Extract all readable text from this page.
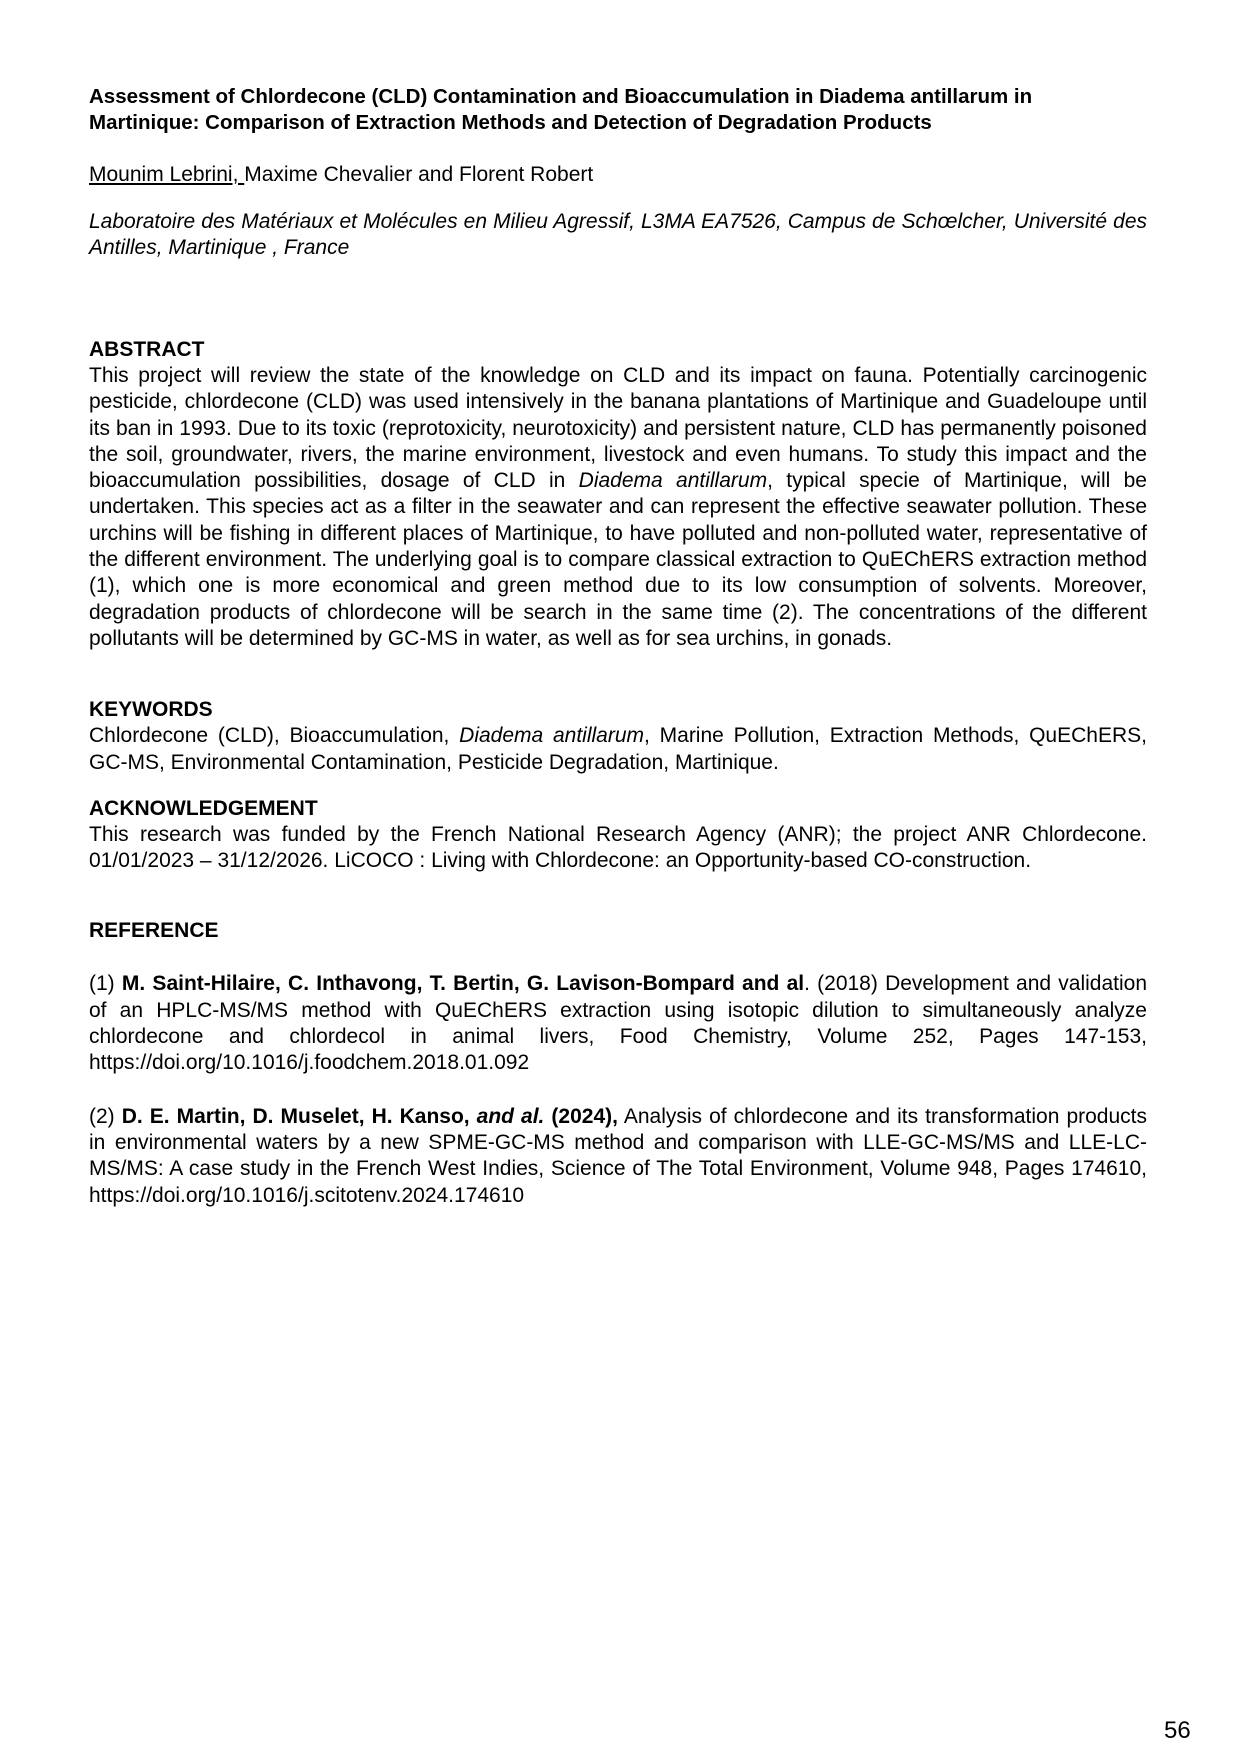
Assessment of Chlordecone (CLD) Contamination and Bioaccumulation in Diadema antillarum in Martinique: Comparison of Extraction Methods and Detection of Degradation Products

Mounim Lebrini, Maxime Chevalier and Florent Robert

Laboratoire des Matériaux et Molécules en Milieu Agressif, L3MA EA7526, Campus de Schœlcher, Université des Antilles, Martinique , France

ABSTRACT

This project will review the state of the knowledge on CLD and its impact on fauna. Potentially carcinogenic pesticide, chlordecone (CLD) was used intensively in the banana plantations of Martinique and Guadeloupe until its ban in 1993. Due to its toxic (reprotoxicity, neurotoxicity) and persistent nature, CLD has permanently poisoned the soil, groundwater, rivers, the marine environment, livestock and even humans. To study this impact and the bioaccumulation possibilities, dosage of CLD in Diadema antillarum, typical specie of Martinique, will be undertaken. This species act as a filter in the seawater and can represent the effective seawater pollution. These urchins will be fishing in different places of Martinique, to have polluted and non-polluted water, representative of the different environment. The underlying goal is to compare classical extraction to QuEChERS extraction method (1), which one is more economical and green method due to its low consumption of solvents. Moreover, degradation products of chlordecone will be search in the same time (2). The concentrations of the different pollutants will be determined by GC-MS in water, as well as for sea urchins, in gonads.

KEYWORDS

Chlordecone (CLD), Bioaccumulation, Diadema antillarum, Marine Pollution, Extraction Methods, QuEChERS, GC-MS, Environmental Contamination, Pesticide Degradation, Martinique.

ACKNOWLEDGEMENT

This research was funded by the French National Research Agency (ANR); the project ANR Chlordecone. 01/01/2023 – 31/12/2026. LiCOCO : Living with Chlordecone: an Opportunity-based CO-construction.

REFERENCE

(1) M. Saint-Hilaire, C. Inthavong, T. Bertin, G. Lavison-Bompard and al. (2018) Development and validation of an HPLC-MS/MS method with QuEChERS extraction using isotopic dilution to simultaneously analyze chlordecone and chlordecol in animal livers, Food Chemistry, Volume 252, Pages 147-153, https://doi.org/10.1016/j.foodchem.2018.01.092

(2) D. E. Martin, D. Muselet, H. Kanso, and al. (2024), Analysis of chlordecone and its transformation products in environmental waters by a new SPME-GC-MS method and comparison with LLE-GC-MS/MS and LLE-LC-MS/MS: A case study in the French West Indies, Science of The Total Environment, Volume 948, Pages 174610, https://doi.org/10.1016/j.scitotenv.2024.174610

56
